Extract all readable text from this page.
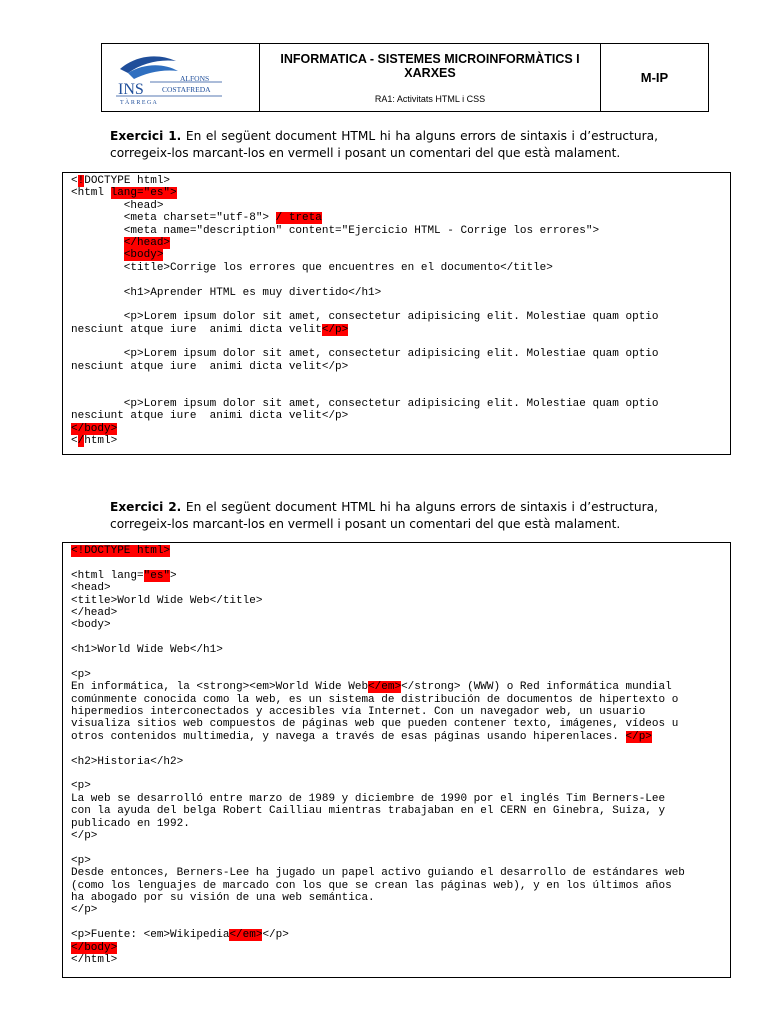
INS
ALFONS
COSTAFREDA
T À R R E G A
INFORMATICA - SISTEMES MICROINFORMÀTICS I XARXES
RA1: Activitats HTML i CSS
M-IP
Exercici 1. En el següent document HTML hi ha alguns errors de sintaxis i d’estructura, corregeix-los marcant-los en vermell i posant un comentari del que està malament.
<!DOCTYPE html>
<html lang="es">
<head>
<meta charset="utf-8"> / treta
<meta name="description" content="Ejercicio HTML - Corrige los errores">
</head>
<body>
<title>Corrige los errores que encuentres en el documento</title>
<h1>Aprender HTML es muy divertido</h1>
<p>Lorem ipsum dolor sit amet, consectetur adipisicing elit. Molestiae quam optio
nesciunt atque iure  animi dicta velit</p>
<p>Lorem ipsum dolor sit amet, consectetur adipisicing elit. Molestiae quam optio
nesciunt atque iure  animi dicta velit</p>
<p>Lorem ipsum dolor sit amet, consectetur adipisicing elit. Molestiae quam optio
nesciunt atque iure  animi dicta velit</p>
</body>
</html>
Exercici 2. En el següent document HTML hi ha alguns errors de sintaxis i d’estructura, corregeix-los marcant-los en vermell i posant un comentari del que està malament.
<!DOCTYPE html>
<html lang="es">
<head>
<title>World Wide Web</title>
</head>
<body>
<h1>World Wide Web</h1>
<p>
En informática, la <strong><em>World Wide Web</em></strong> (WWW) o Red informática mundial
comúnmente conocida como la web, es un sistema de distribución de documentos de hipertexto o
hipermedios interconectados y accesibles vía Internet. Con un navegador web, un usuario
visualiza sitios web compuestos de páginas web que pueden contener texto, imágenes, vídeos u
otros contenidos multimedia, y navega a través de esas páginas usando hiperenlaces. </p>
<h2>Historia</h2>
<p>
La web se desarrolló entre marzo de 1989 y diciembre de 1990 por el inglés Tim Berners-Lee
con la ayuda del belga Robert Cailliau mientras trabajaban en el CERN en Ginebra, Suiza, y
publicado en 1992.
</p>
<p>
Desde entonces, Berners-Lee ha jugado un papel activo guiando el desarrollo de estándares web
(como los lenguajes de marcado con los que se crean las páginas web), y en los últimos años
ha abogado por su visión de una web semántica.
</p>
<p>Fuente: <em>Wikipedia</em></p>
</body>
</html>
